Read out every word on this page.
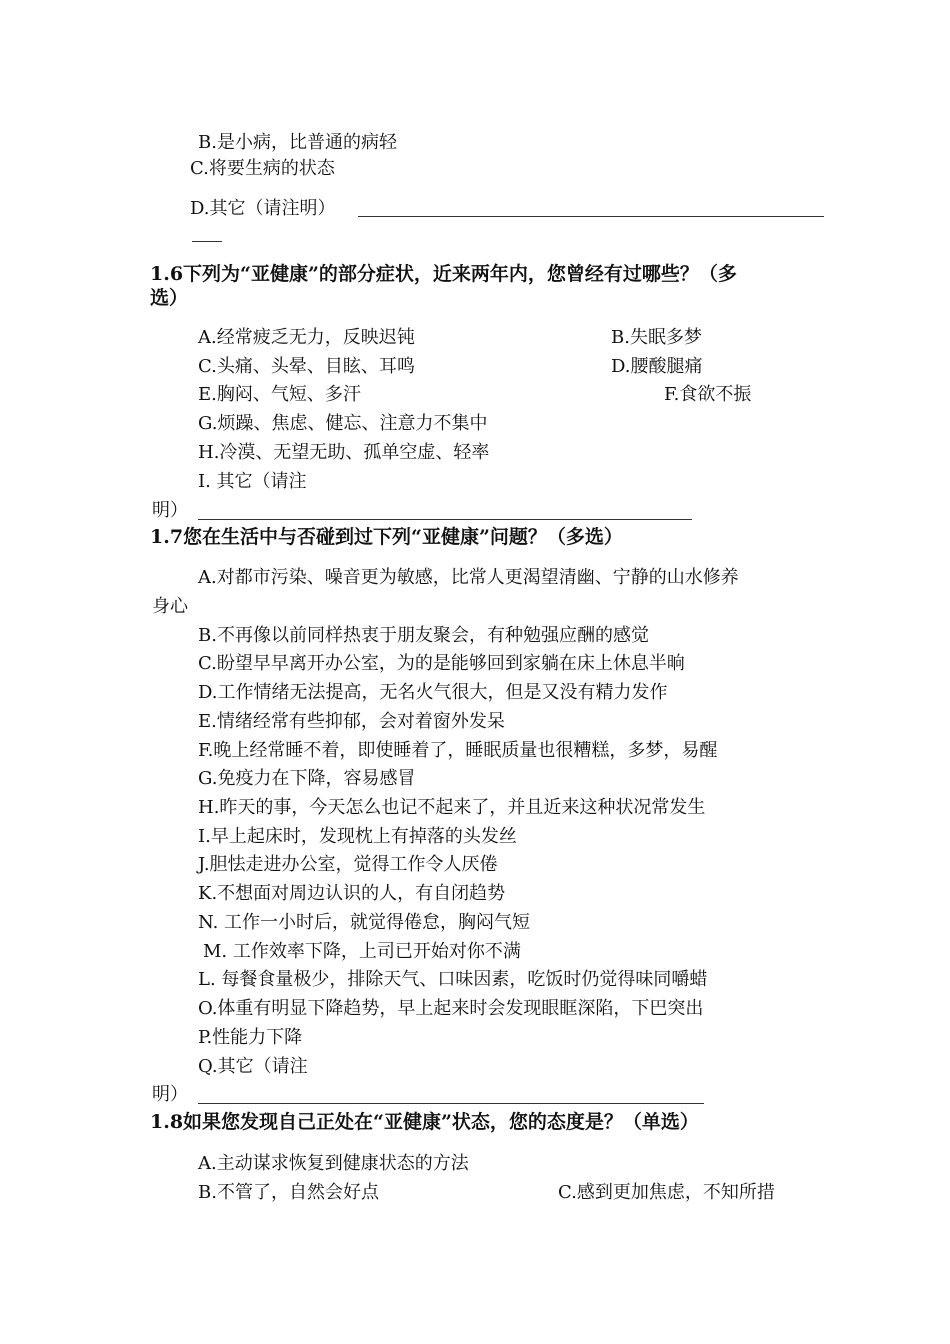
B.是小病，比普通的病轻
C.将要生病的状态
D.其它（请注明）
1.6下列为“亚健康”的部分症状，近来两年内，您曾经有过哪些？（多
选）
A.经常疲乏无力，反映迟钝	B.失眠多梦
C.头痛、头晕、目眩、耳鸣	D.腰酸腿痛
E.胸闷、气短、多汗	F.食欲不振
G.烦躁、焦虑、健忘、注意力不集中
H.冷漠、无望无助、孤单空虚、轻率
I. 其它（请注
明）
1.7您在生活中与否碰到过下列“亚健康”问题？（多选）
A.对都市污染、噪音更为敏感，比常人更渴望清幽、宁静的山水修养
身心
B.不再像以前同样热衷于朋友聚会，有种勉强应酬的感觉
C.盼望早早离开办公室，为的是能够回到家躺在床上休息半晌
D.工作情绪无法提高，无名火气很大，但是又没有精力发作
E.情绪经常有些抑郁，会对着窗外发呆
F.晚上经常睡不着，即使睡着了，睡眠质量也很糟糕，多梦，易醒
G.免疫力在下降，容易感冒
H.昨天的事，今天怎么也记不起来了，并且近来这种状况常发生
I.早上起床时，发现枕上有掉落的头发丝
J.胆怯走进办公室，觉得工作令人厌倦
K.不想面对周边认识的人，有自闭趋势
N. 工作一小时后，就觉得倦怠，胸闷气短
M. 工作效率下降，上司已开始对你不满
L. 每餐食量极少，排除天气、口味因素，吃饭时仍觉得味同嚼蜡
O.体重有明显下降趋势，早上起来时会发现眼眶深陷，下巴突出
P.性能力下降
Q.其它（请注
明）
1.8如果您发现自己正处在“亚健康”状态，您的态度是？（单选）
A.主动谋求恢复到健康状态的方法
B.不管了，自然会好点	C.感到更加焦虑，不知所措
